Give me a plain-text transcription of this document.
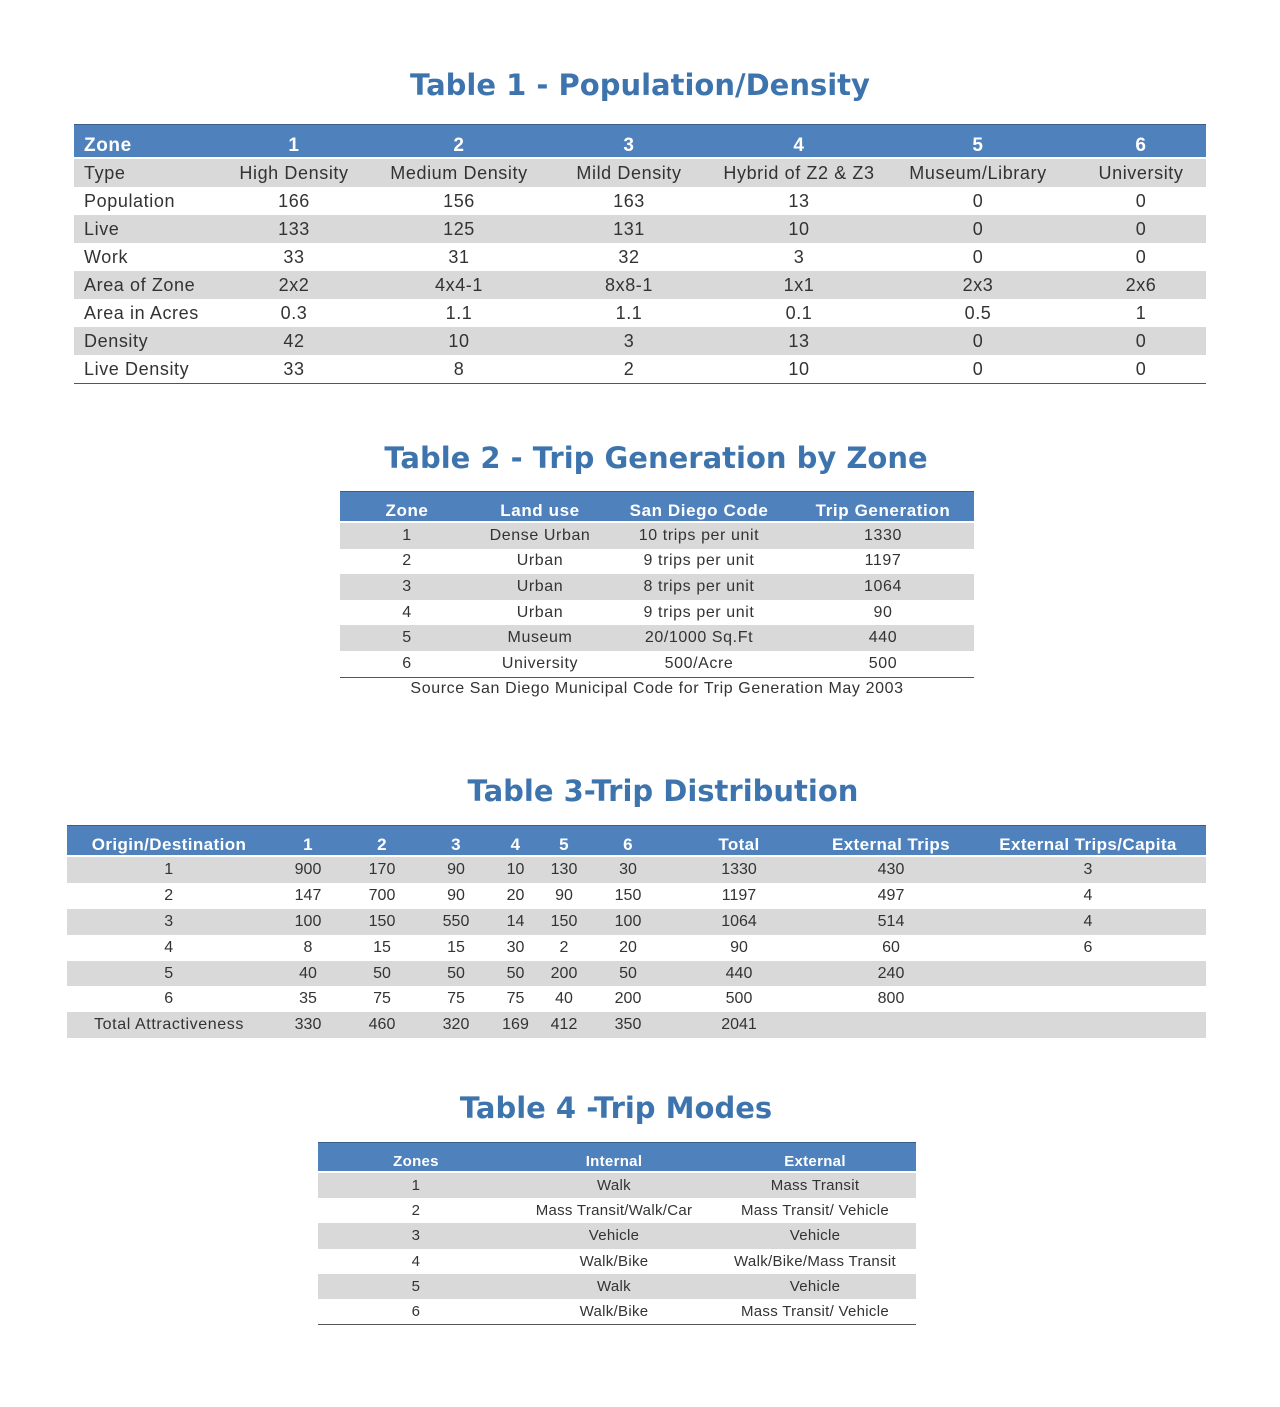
Table 1 - Population/Density
Zone	1	2	3	4	5	6
Type	High Density	Medium Density	Mild Density	Hybrid of Z2 & Z3	Museum/Library	University
Population	166	156	163	13	0	0
Live	133	125	131	10	0	0
Work	33	31	32	3	0	0
Area of Zone	2x2	4x4-1	8x8-1	1x1	2x3	2x6
Area in Acres	0.3	1.1	1.1	0.1	0.5	1
Density	42	10	3	13	0	0
Live Density	33	8	2	10	0	0
Table 2 - Trip Generation by Zone
Zone	Land use	San Diego Code	Trip Generation
1	Dense Urban	10 trips per unit	1330
2	Urban	9 trips per unit	1197
3	Urban	8 trips per unit	1064
4	Urban	9 trips per unit	90
5	Museum	20/1000 Sq.Ft	440
6	University	500/Acre	500
Source San Diego Municipal Code for Trip Generation May 2003
Table 3-Trip Distribution
Origin/Destination	1	2	3	4	5	6	Total	External Trips	External Trips/Capita
1	900	170	90	10	130	30	1330	430	3
2	147	700	90	20	90	150	1197	497	4
3	100	150	550	14	150	100	1064	514	4
4	8	15	15	30	2	20	90	60	6
5	40	50	50	50	200	50	440	240	
6	35	75	75	75	40	200	500	800	
Total Attractiveness	330	460	320	169	412	350	2041		
Table 4 -Trip Modes
Zones	Internal	External
1	Walk	Mass Transit
2	Mass Transit/Walk/Car	Mass Transit/ Vehicle
3	Vehicle	Vehicle
4	Walk/Bike	Walk/Bike/Mass Transit
5	Walk	Vehicle
6	Walk/Bike	Mass Transit/ Vehicle
